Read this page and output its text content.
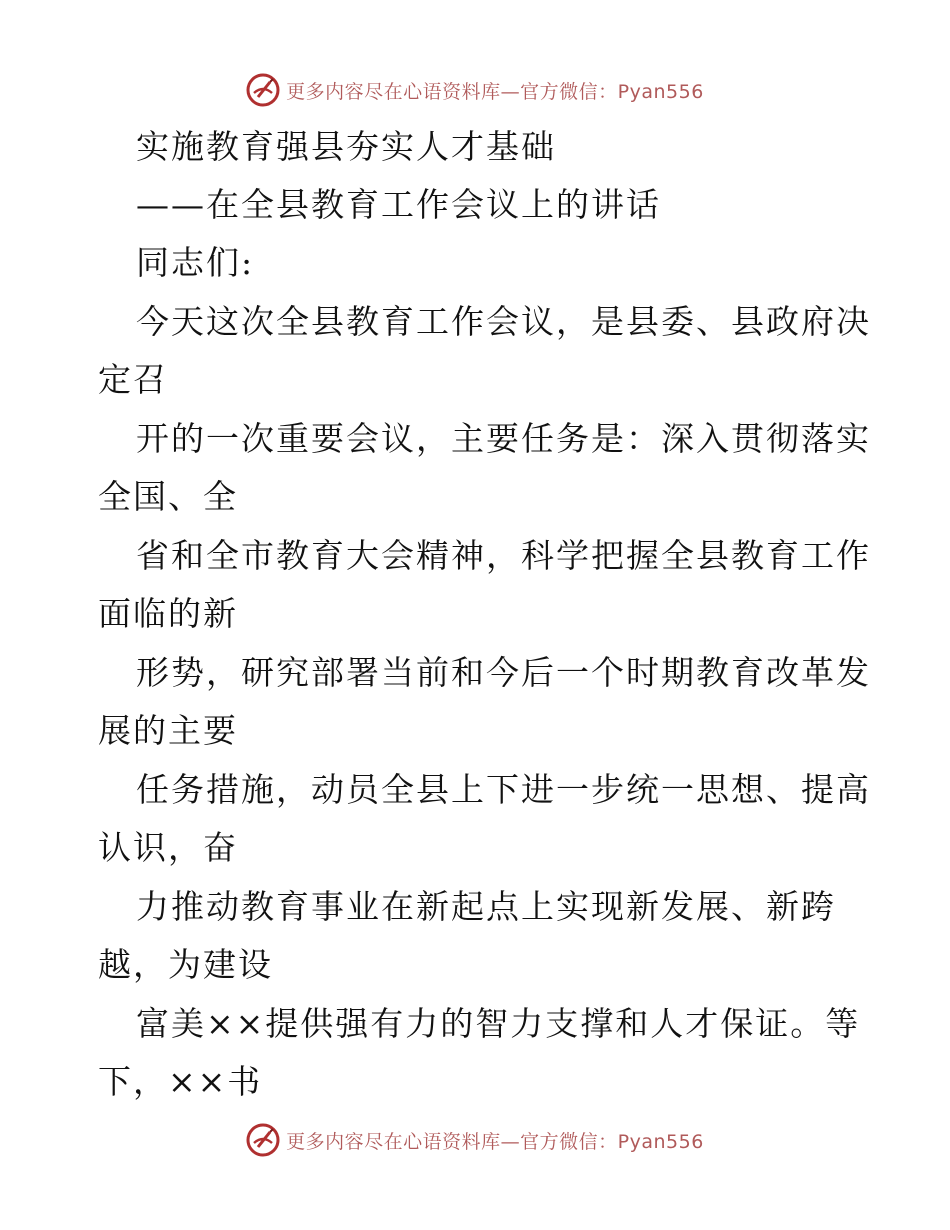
更多内容尽在心语资料库—官方微信：Pyan556
实施教育强县夯实人才基础
——在全县教育工作会议上的讲话
同志们:
今天这次全县教育工作会议，是县委、县政府决
定召
开的一次重要会议，主要任务是：深入贯彻落实
全国、全
省和全市教育大会精神，科学把握全县教育工作
面临的新
形势，研究部署当前和今后一个时期教育改革发
展的主要
任务措施，动员全县上下进一步统一思想、提高
认识，奋
力推动教育事业在新起点上实现新发展、新跨
越，为建设
富美××提供强有力的智力支撑和人才保证。等
下，××书
更多内容尽在心语资料库—官方微信：Pyan556
